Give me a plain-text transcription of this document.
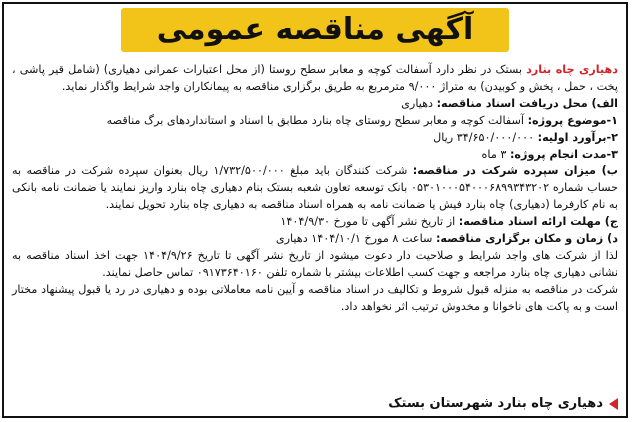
آگهی مناقصه عمومی

دهیاری چاه بنارد بستک در نظر دارد آسفالت کوچه و معابر سطح روستا (از محل اعتبارات عمرانی دهیاری) (شامل قیر پاشی ، پخت ، حمل ، پخش و کوبیدن) به متراژ ۹/۰۰۰ مترمربع به طریق برگزاری مناقصه به پیمانکاران واجد شرایط واگذار نماید.

الف) محل دریافت اسناد مناقصه: دهیاری

۱-موضوع پروژه: آسفالت کوچه و معابر سطح روستای چاه بنارد مطابق با اسناد و استانداردهای برگ مناقصه

۲-برآورد اولیه: ۳۴/۶۵۰/۰۰۰/۰۰۰ ریال

۳-مدت انجام پروژه: ۳ ماه

ب) میزان سپرده شرکت در مناقصه: شرکت کنندگان باید مبلغ ۱/۷۳۲/۵۰۰/۰۰۰ ریال بعنوان سپرده شرکت در مناقصه به حساب شماره ۰۵۳۰۱۰۰۰۵۴۰۰۰۶۸۹۹۳۴۳۲۰۲ بانک توسعه تعاون شعبه بستک بنام دهیاری چاه بنارد واریز نمایند یا ضمانت نامه بانکی به نام کارفرما (دهیاری) چاه بنارد فیش یا ضمانت نامه به همراه اسناد مناقصه به دهیاری چاه بنارد تحویل نمایند.

ج) مهلت ارائه اسناد مناقصه: از تاریخ نشر آگهی تا مورخ ۱۴۰۴/۹/۳۰

د) زمان و مکان برگزاری مناقصه: ساعت ۸ مورخ ۱۴۰۴/۱۰/۱ دهیاری

لذا از شرکت های واجد شرایط و صلاحیت دار دعوت میشود از تاریخ نشر آگهی تا تاریخ ۱۴۰۴/۹/۲۶ جهت اخذ اسناد مناقصه به نشانی دهیاری چاه بنارد مراجعه و جهت کسب اطلاعات بیشتر با شماره تلفن ۰۹۱۷۳۶۴۰۱۶۰ تماس حاصل نمایند.

شرکت در مناقصه به منزله قبول شروط و تکالیف در اسناد مناقصه و آیین نامه معاملاتی بوده و دهیاری در رد یا قبول پیشنهاد مختار است و به پاکت های ناخوانا و مخدوش ترتیب اثر نخواهد داد.

دهیاری چاه بنارد شهرستان بستک
